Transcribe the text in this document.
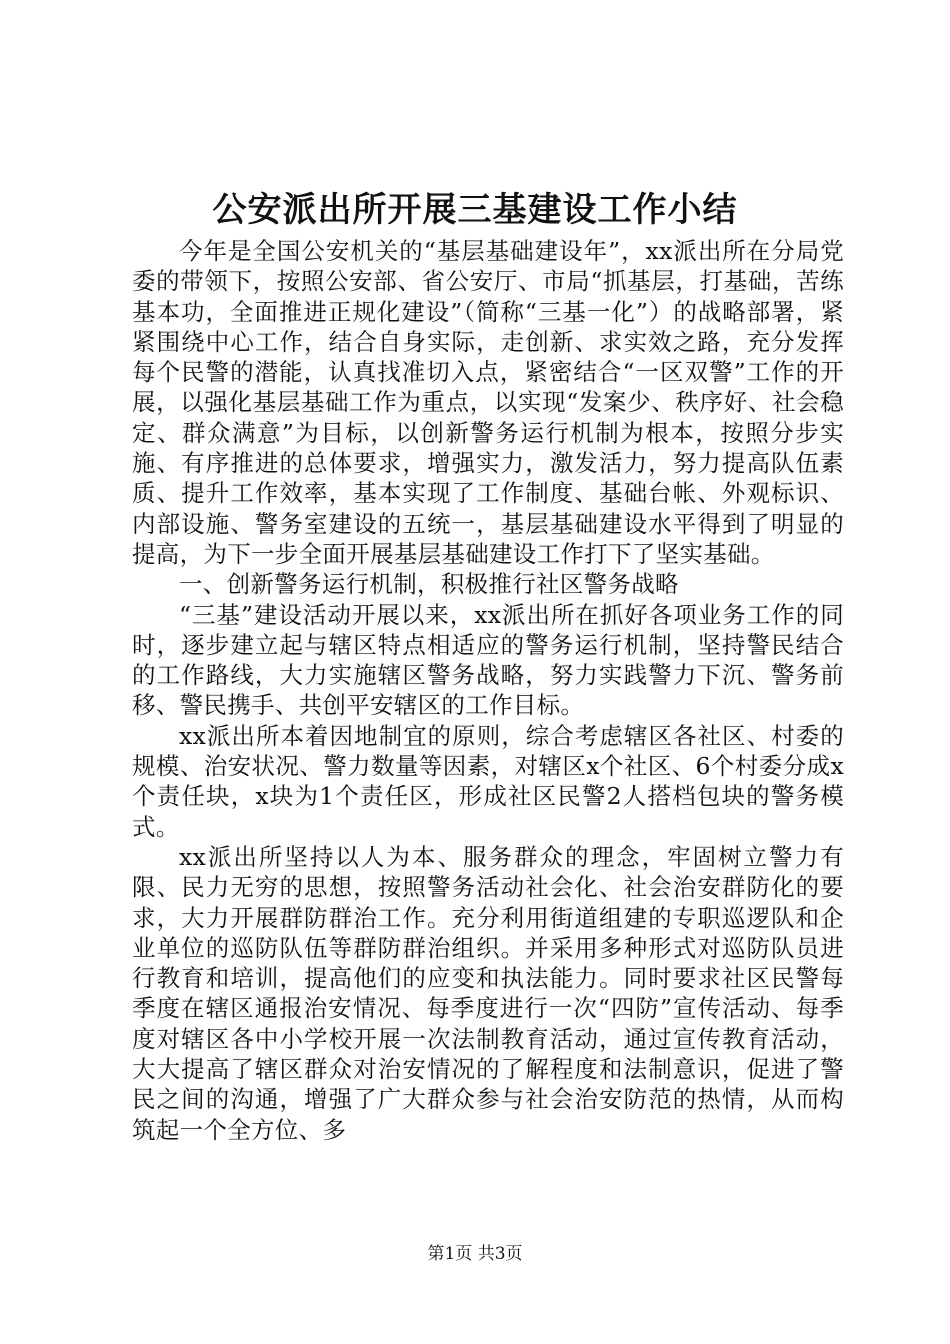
公安派出所开展三基建设工作小结

今年是全国公安机关的“基层基础建设年”，xx派出所在分局党委的带领下，按照公安部、省公安厅、市局“抓基层，打基础，苦练基本功，全面推进正规化建设”（简称“三基一化”）的战略部署，紧紧围绕中心工作，结合自身实际，走创新、求实效之路，充分发挥每个民警的潜能，认真找准切入点，紧密结合“一区双警”工作的开展，以强化基层基础工作为重点，以实现“发案少、秩序好、社会稳定、群众满意”为目标，以创新警务运行机制为根本，按照分步实施、有序推进的总体要求，增强实力，激发活力，努力提高队伍素质、提升工作效率，基本实现了工作制度、基础台帐、外观标识、内部设施、警务室建设的五统一，基层基础建设水平得到了明显的提高，为下一步全面开展基层基础建设工作打下了坚实基础。

一、创新警务运行机制，积极推行社区警务战略

“三基”建设活动开展以来，xx派出所在抓好各项业务工作的同时，逐步建立起与辖区特点相适应的警务运行机制，坚持警民结合的工作路线，大力实施辖区警务战略，努力实践警力下沉、警务前移、警民携手、共创平安辖区的工作目标。

xx派出所本着因地制宜的原则，综合考虑辖区各社区、村委的规模、治安状况、警力数量等因素，对辖区x个社区、6个村委分成x个责任块，x块为1个责任区，形成社区民警2人搭档包块的警务模式。

xx派出所坚持以人为本、服务群众的理念，牢固树立警力有限、民力无穷的思想，按照警务活动社会化、社会治安群防化的要求，大力开展群防群治工作。充分利用街道组建的专职巡逻队和企业单位的巡防队伍等群防群治组织。并采用多种形式对巡防队员进行教育和培训，提高他们的应变和执法能力。同时要求社区民警每季度在辖区通报治安情况、每季度进行一次“四防”宣传活动、每季度对辖区各中小学校开展一次法制教育活动，通过宣传教育活动，大大提高了辖区群众对治安情况的了解程度和法制意识，促进了警民之间的沟通，增强了广大群众参与社会治安防范的热情，从而构筑起一个全方位、多

第1页 共3页
